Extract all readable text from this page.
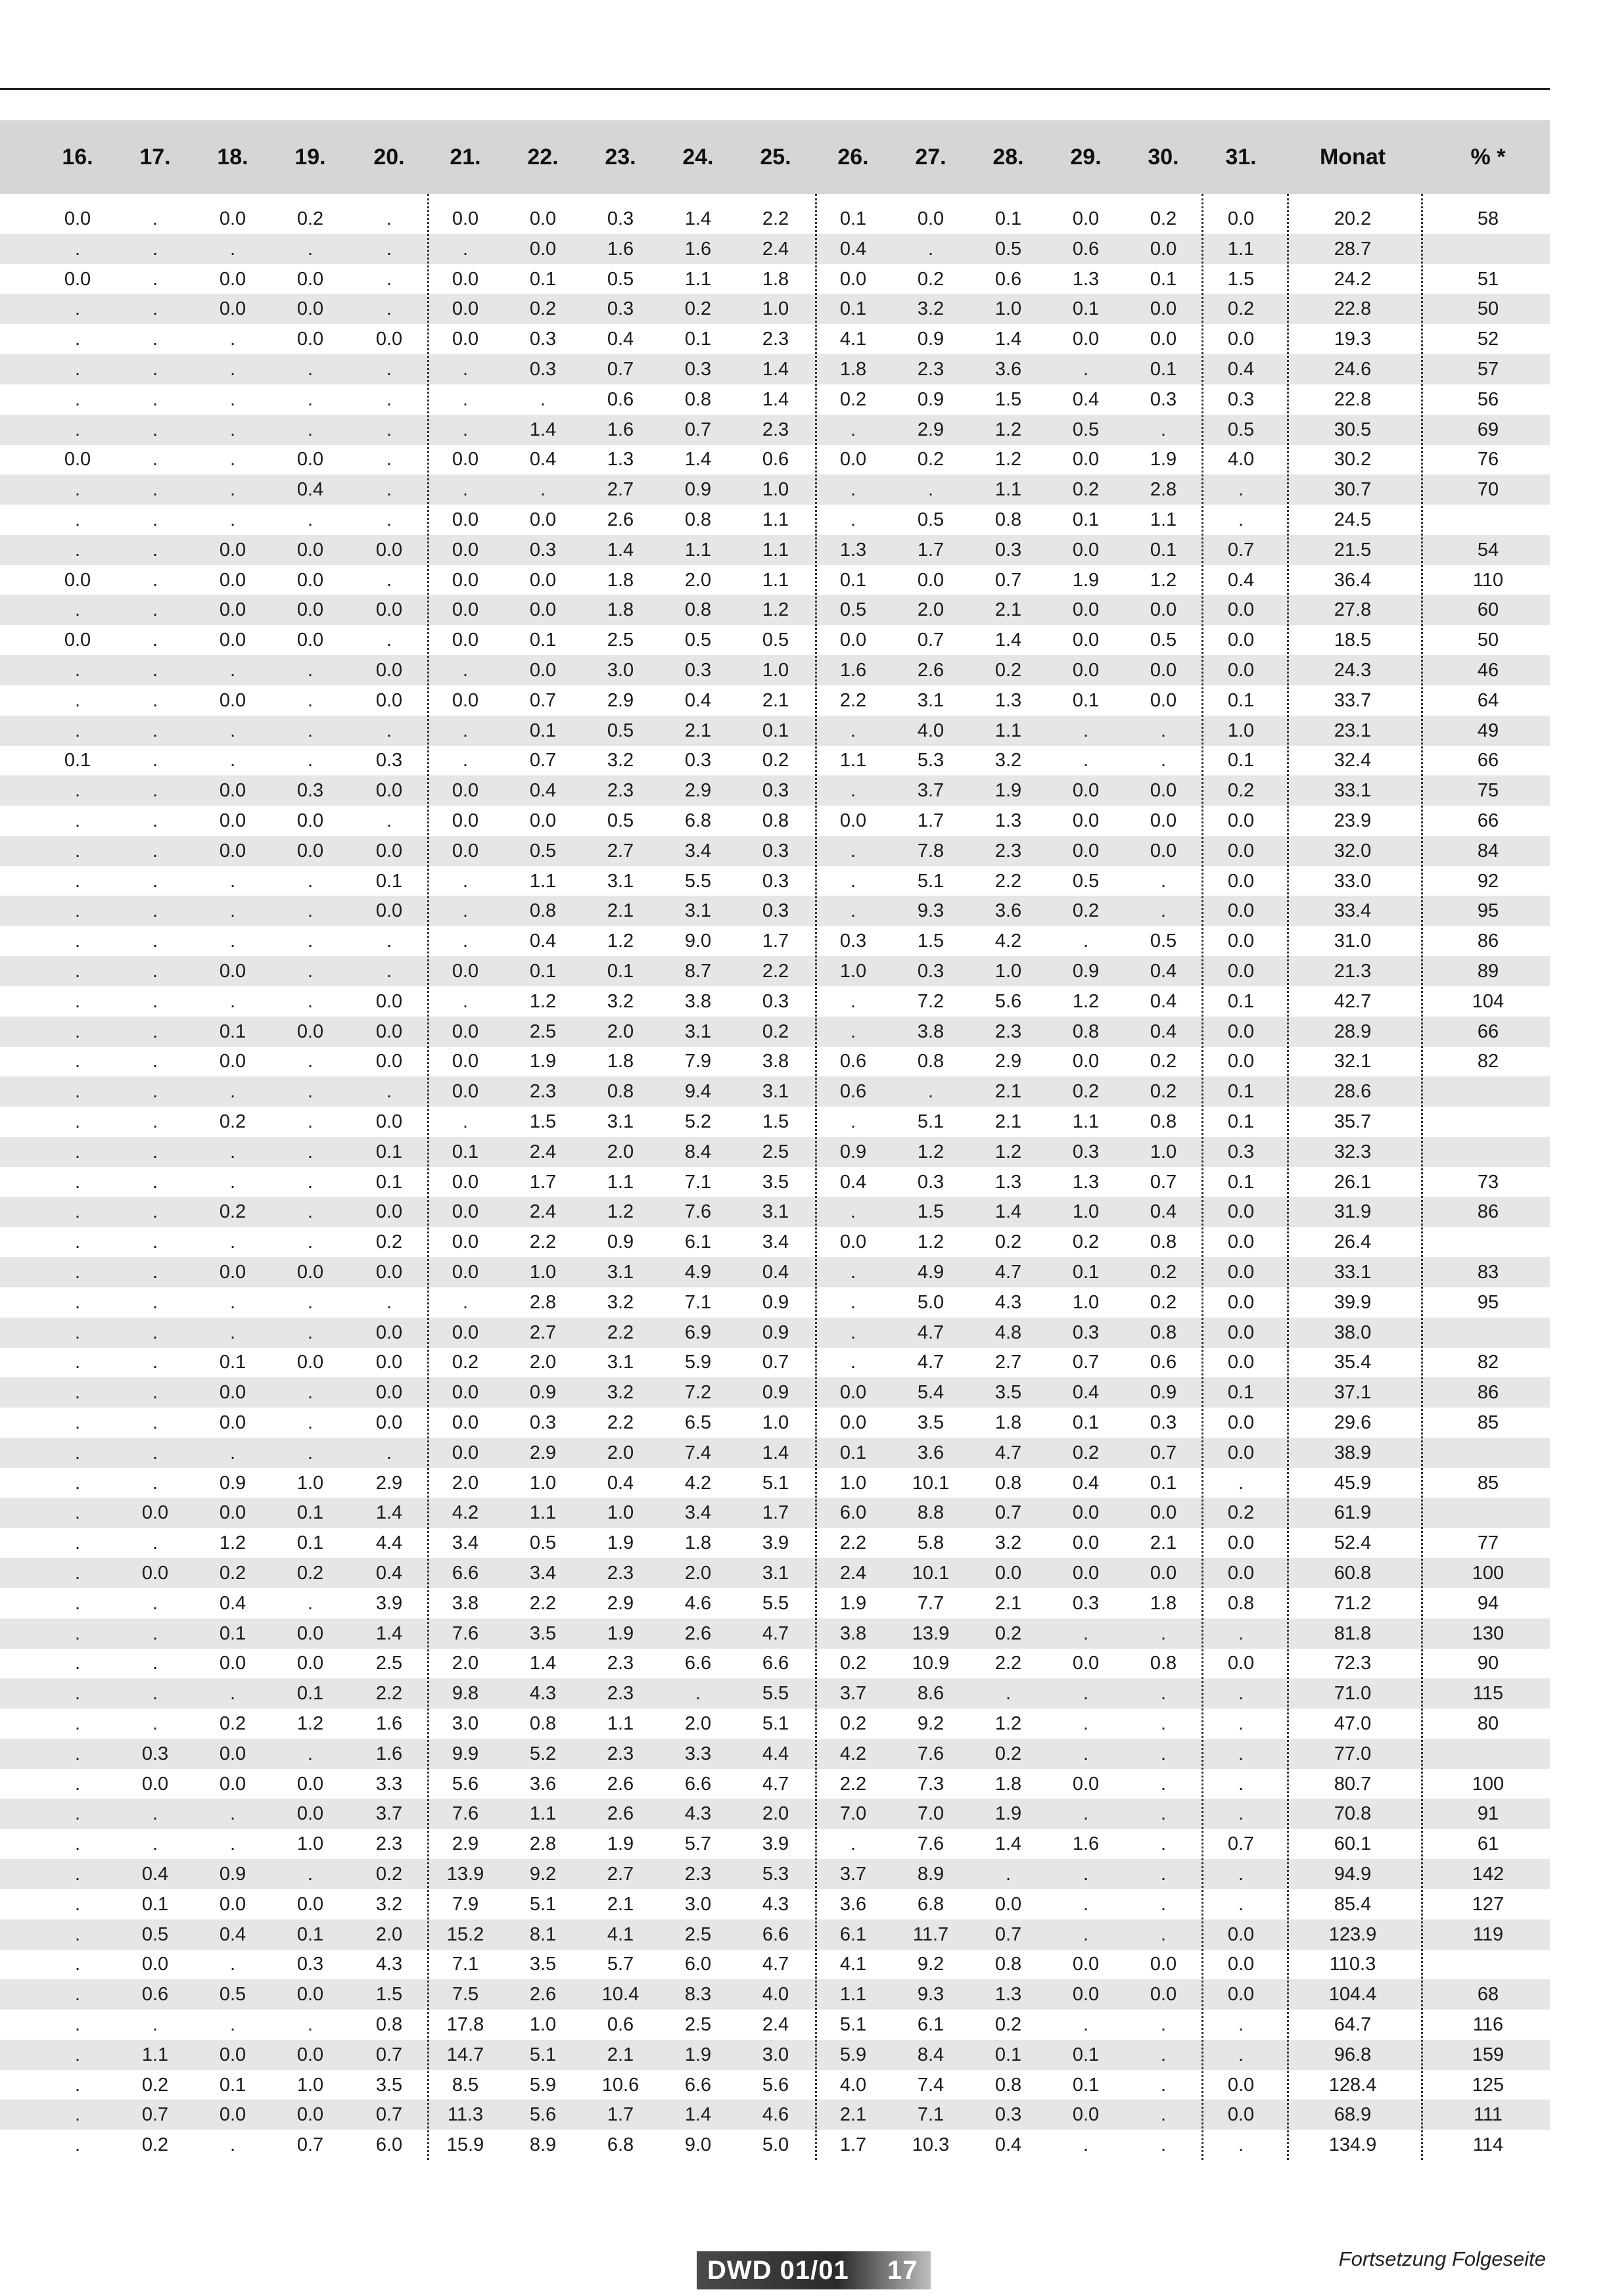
16.	17.	18.	19.	20.	21.	22.	23.	24.	25.	26.	27.	28.	29.	30.	31.	Monat	% *
0.0	.	0.0	0.2	.	0.0	0.0	0.3	1.4	2.2	0.1	0.0	0.1	0.0	0.2	0.0	20.2	58
.	.	.	.	.	.	0.0	1.6	1.6	2.4	0.4	.	0.5	0.6	0.0	1.1	28.7
0.0	.	0.0	0.0	.	0.0	0.1	0.5	1.1	1.8	0.0	0.2	0.6	1.3	0.1	1.5	24.2	51
.	.	0.0	0.0	.	0.0	0.2	0.3	0.2	1.0	0.1	3.2	1.0	0.1	0.0	0.2	22.8	50
.	.	.	0.0	0.0	0.0	0.3	0.4	0.1	2.3	4.1	0.9	1.4	0.0	0.0	0.0	19.3	52
.	.	.	.	.	.	0.3	0.7	0.3	1.4	1.8	2.3	3.6	.	0.1	0.4	24.6	57
.	.	.	.	.	.	.	0.6	0.8	1.4	0.2	0.9	1.5	0.4	0.3	0.3	22.8	56
.	.	.	.	.	.	1.4	1.6	0.7	2.3	.	2.9	1.2	0.5	.	0.5	30.5	69
0.0	.	.	0.0	.	0.0	0.4	1.3	1.4	0.6	0.0	0.2	1.2	0.0	1.9	4.0	30.2	76
.	.	.	0.4	.	.	.	2.7	0.9	1.0	.	.	1.1	0.2	2.8	.	30.7	70
.	.	.	.	.	0.0	0.0	2.6	0.8	1.1	.	0.5	0.8	0.1	1.1	.	24.5
.	.	0.0	0.0	0.0	0.0	0.3	1.4	1.1	1.1	1.3	1.7	0.3	0.0	0.1	0.7	21.5	54
0.0	.	0.0	0.0	.	0.0	0.0	1.8	2.0	1.1	0.1	0.0	0.7	1.9	1.2	0.4	36.4	110
.	.	0.0	0.0	0.0	0.0	0.0	1.8	0.8	1.2	0.5	2.0	2.1	0.0	0.0	0.0	27.8	60
0.0	.	0.0	0.0	.	0.0	0.1	2.5	0.5	0.5	0.0	0.7	1.4	0.0	0.5	0.0	18.5	50
.	.	.	.	0.0	.	0.0	3.0	0.3	1.0	1.6	2.6	0.2	0.0	0.0	0.0	24.3	46
.	.	0.0	.	0.0	0.0	0.7	2.9	0.4	2.1	2.2	3.1	1.3	0.1	0.0	0.1	33.7	64
.	.	.	.	.	.	0.1	0.5	2.1	0.1	.	4.0	1.1	.	.	1.0	23.1	49
0.1	.	.	.	0.3	.	0.7	3.2	0.3	0.2	1.1	5.3	3.2	.	.	0.1	32.4	66
.	.	0.0	0.3	0.0	0.0	0.4	2.3	2.9	0.3	.	3.7	1.9	0.0	0.0	0.2	33.1	75
.	.	0.0	0.0	.	0.0	0.0	0.5	6.8	0.8	0.0	1.7	1.3	0.0	0.0	0.0	23.9	66
.	.	0.0	0.0	0.0	0.0	0.5	2.7	3.4	0.3	.	7.8	2.3	0.0	0.0	0.0	32.0	84
.	.	.	.	0.1	.	1.1	3.1	5.5	0.3	.	5.1	2.2	0.5	.	0.0	33.0	92
.	.	.	.	0.0	.	0.8	2.1	3.1	0.3	.	9.3	3.6	0.2	.	0.0	33.4	95
.	.	.	.	.	.	0.4	1.2	9.0	1.7	0.3	1.5	4.2	.	0.5	0.0	31.0	86
.	.	0.0	.	.	0.0	0.1	0.1	8.7	2.2	1.0	0.3	1.0	0.9	0.4	0.0	21.3	89
.	.	.	.	0.0	.	1.2	3.2	3.8	0.3	.	7.2	5.6	1.2	0.4	0.1	42.7	104
.	.	0.1	0.0	0.0	0.0	2.5	2.0	3.1	0.2	.	3.8	2.3	0.8	0.4	0.0	28.9	66
.	.	0.0	.	0.0	0.0	1.9	1.8	7.9	3.8	0.6	0.8	2.9	0.0	0.2	0.0	32.1	82
.	.	.	.	.	0.0	2.3	0.8	9.4	3.1	0.6	.	2.1	0.2	0.2	0.1	28.6
.	.	0.2	.	0.0	.	1.5	3.1	5.2	1.5	.	5.1	2.1	1.1	0.8	0.1	35.7
.	.	.	.	0.1	0.1	2.4	2.0	8.4	2.5	0.9	1.2	1.2	0.3	1.0	0.3	32.3
.	.	.	.	0.1	0.0	1.7	1.1	7.1	3.5	0.4	0.3	1.3	1.3	0.7	0.1	26.1	73
.	.	0.2	.	0.0	0.0	2.4	1.2	7.6	3.1	.	1.5	1.4	1.0	0.4	0.0	31.9	86
.	.	.	.	0.2	0.0	2.2	0.9	6.1	3.4	0.0	1.2	0.2	0.2	0.8	0.0	26.4
.	.	0.0	0.0	0.0	0.0	1.0	3.1	4.9	0.4	.	4.9	4.7	0.1	0.2	0.0	33.1	83
.	.	.	.	.	.	2.8	3.2	7.1	0.9	.	5.0	4.3	1.0	0.2	0.0	39.9	95
.	.	.	.	0.0	0.0	2.7	2.2	6.9	0.9	.	4.7	4.8	0.3	0.8	0.0	38.0
.	.	0.1	0.0	0.0	0.2	2.0	3.1	5.9	0.7	.	4.7	2.7	0.7	0.6	0.0	35.4	82
.	.	0.0	.	0.0	0.0	0.9	3.2	7.2	0.9	0.0	5.4	3.5	0.4	0.9	0.1	37.1	86
.	.	0.0	.	0.0	0.0	0.3	2.2	6.5	1.0	0.0	3.5	1.8	0.1	0.3	0.0	29.6	85
.	.	.	.	.	0.0	2.9	2.0	7.4	1.4	0.1	3.6	4.7	0.2	0.7	0.0	38.9
.	.	0.9	1.0	2.9	2.0	1.0	0.4	4.2	5.1	1.0	10.1	0.8	0.4	0.1	.	45.9	85
.	0.0	0.0	0.1	1.4	4.2	1.1	1.0	3.4	1.7	6.0	8.8	0.7	0.0	0.0	0.2	61.9
.	.	1.2	0.1	4.4	3.4	0.5	1.9	1.8	3.9	2.2	5.8	3.2	0.0	2.1	0.0	52.4	77
.	0.0	0.2	0.2	0.4	6.6	3.4	2.3	2.0	3.1	2.4	10.1	0.0	0.0	0.0	0.0	60.8	100
.	.	0.4	.	3.9	3.8	2.2	2.9	4.6	5.5	1.9	7.7	2.1	0.3	1.8	0.8	71.2	94
.	.	0.1	0.0	1.4	7.6	3.5	1.9	2.6	4.7	3.8	13.9	0.2	.	.	.	81.8	130
.	.	0.0	0.0	2.5	2.0	1.4	2.3	6.6	6.6	0.2	10.9	2.2	0.0	0.8	0.0	72.3	90
.	.	.	0.1	2.2	9.8	4.3	2.3	.	5.5	3.7	8.6	.	.	.	.	71.0	115
.	.	0.2	1.2	1.6	3.0	0.8	1.1	2.0	5.1	0.2	9.2	1.2	.	.	.	47.0	80
.	0.3	0.0	.	1.6	9.9	5.2	2.3	3.3	4.4	4.2	7.6	0.2	.	.	.	77.0
.	0.0	0.0	0.0	3.3	5.6	3.6	2.6	6.6	4.7	2.2	7.3	1.8	0.0	.	.	80.7	100
.	.	.	0.0	3.7	7.6	1.1	2.6	4.3	2.0	7.0	7.0	1.9	.	.	.	70.8	91
.	.	.	1.0	2.3	2.9	2.8	1.9	5.7	3.9	.	7.6	1.4	1.6	.	0.7	60.1	61
.	0.4	0.9	.	0.2	13.9	9.2	2.7	2.3	5.3	3.7	8.9	.	.	.	.	94.9	142
.	0.1	0.0	0.0	3.2	7.9	5.1	2.1	3.0	4.3	3.6	6.8	0.0	.	.	.	85.4	127
.	0.5	0.4	0.1	2.0	15.2	8.1	4.1	2.5	6.6	6.1	11.7	0.7	.	.	0.0	123.9	119
.	0.0	.	0.3	4.3	7.1	3.5	5.7	6.0	4.7	4.1	9.2	0.8	0.0	0.0	0.0	110.3
.	0.6	0.5	0.0	1.5	7.5	2.6	10.4	8.3	4.0	1.1	9.3	1.3	0.0	0.0	0.0	104.4	68
.	.	.	.	0.8	17.8	1.0	0.6	2.5	2.4	5.1	6.1	0.2	.	.	.	64.7	116
.	1.1	0.0	0.0	0.7	14.7	5.1	2.1	1.9	3.0	5.9	8.4	0.1	0.1	.	.	96.8	159
.	0.2	0.1	1.0	3.5	8.5	5.9	10.6	6.6	5.6	4.0	7.4	0.8	0.1	.	0.0	128.4	125
.	0.7	0.0	0.0	0.7	11.3	5.6	1.7	1.4	4.6	2.1	7.1	0.3	0.0	.	0.0	68.9	111
.	0.2	.	0.7	6.0	15.9	8.9	6.8	9.0	5.0	1.7	10.3	0.4	.	.	.	134.9	114
DWD 01/01 17	Fortsetzung Folgeseite
